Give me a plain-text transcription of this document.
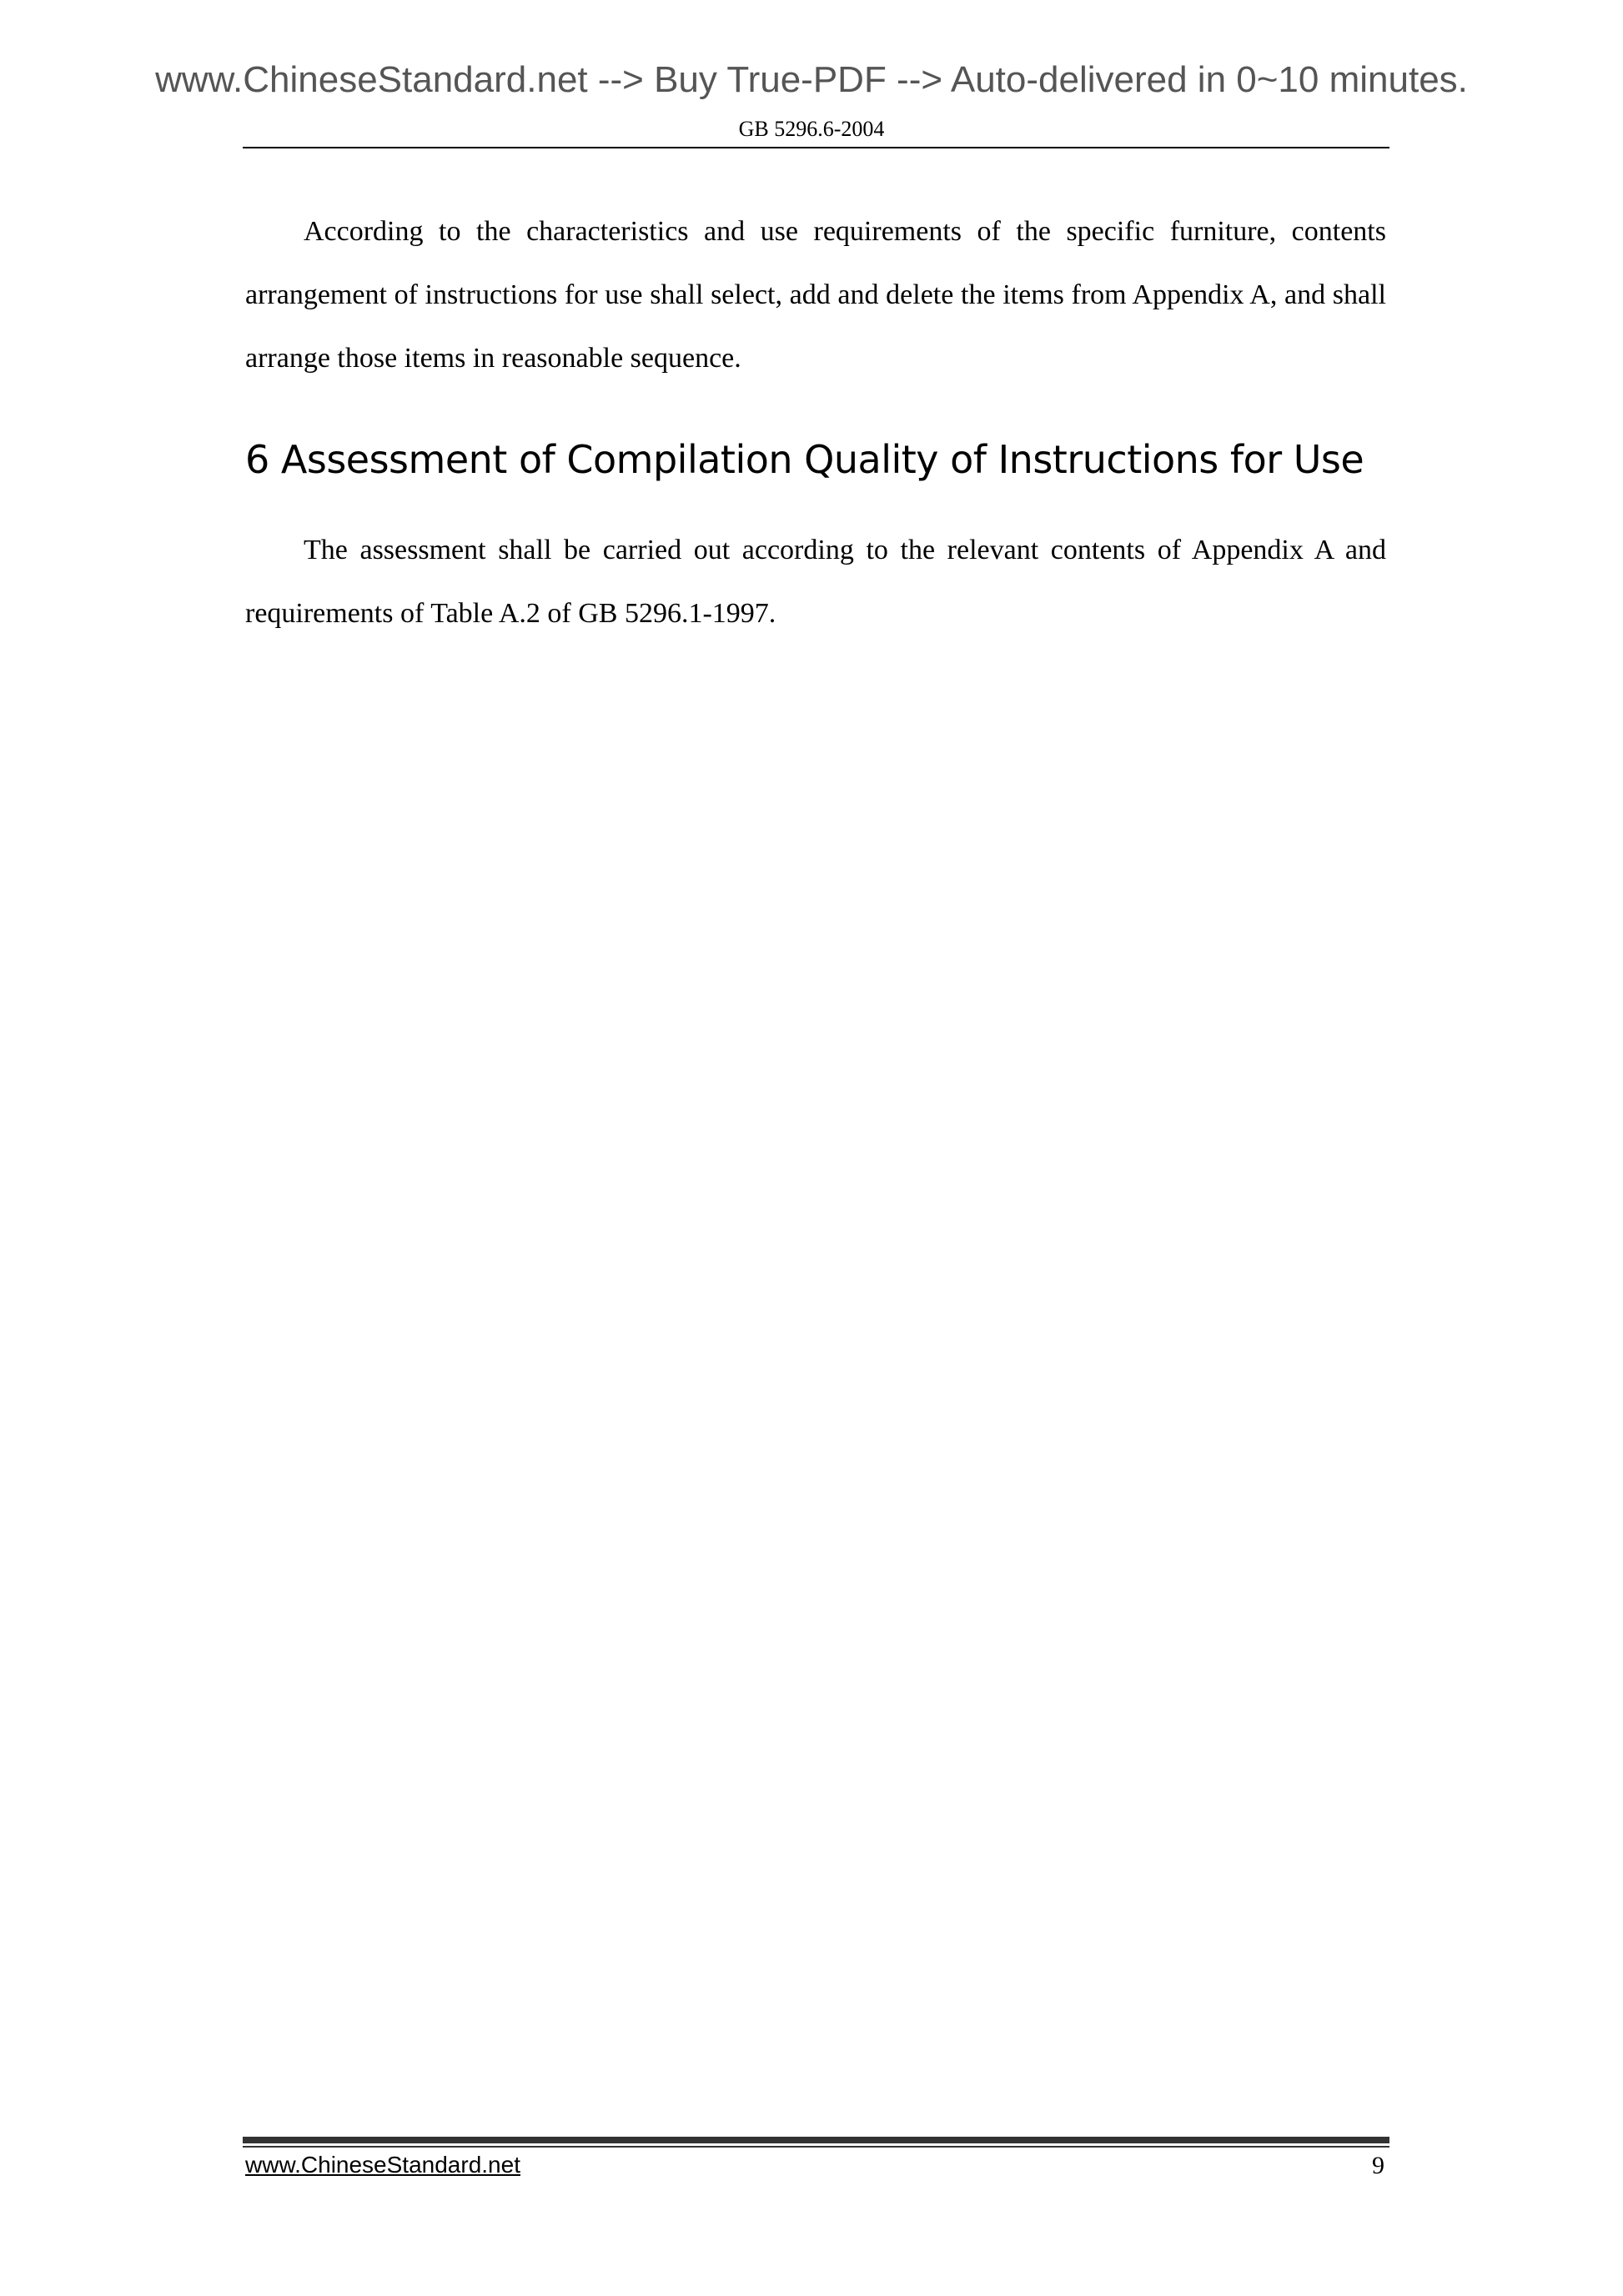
www.ChineseStandard.net --> Buy True-PDF --> Auto-delivered in 0~10 minutes.
GB 5296.6-2004

According to the characteristics and use requirements of the specific furniture, contents arrangement of instructions for use shall select, add and delete the items from Appendix A, and shall arrange those items in reasonable sequence.

6 Assessment of Compilation Quality of Instructions for Use

The assessment shall be carried out according to the relevant contents of Appendix A and requirements of Table A.2 of GB 5296.1-1997.

www.ChineseStandard.net	9
